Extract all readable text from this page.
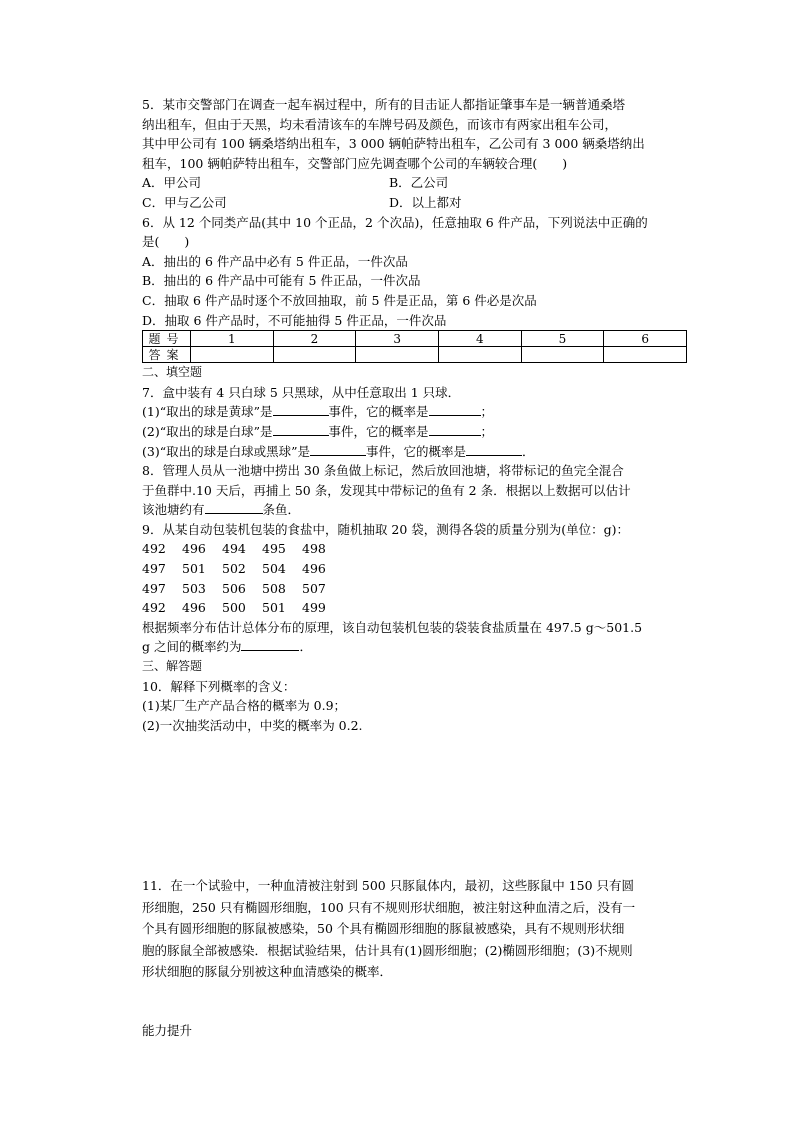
5．某市交警部门在调查一起车祸过程中，所有的目击证人都指证肇事车是一辆普通桑塔
纳出租车，但由于天黑，均未看清该车的车牌号码及颜色，而该市有两家出租车公司，
其中甲公司有 100 辆桑塔纳出租车，3 000 辆帕萨特出租车，乙公司有 3 000 辆桑塔纳出
租车，100 辆帕萨特出租车，交警部门应先调查哪个公司的车辆较合理(　　)
A．甲公司	B．乙公司
C．甲与乙公司	D．以上都对
6．从 12 个同类产品(其中 10 个正品，2 个次品)，任意抽取 6 件产品，下列说法中正确的
是(　　)
A．抽出的 6 件产品中必有 5 件正品，一件次品
B．抽出的 6 件产品中可能有 5 件正品，一件次品
C．抽取 6 件产品时逐个不放回抽取，前 5 件是正品，第 6 件必是次品
D．抽取 6 件产品时，不可能抽得 5 件正品，一件次品
题号	1	2	3	4	5	6
答案						
二、填空题
7．盒中装有 4 只白球 5 只黑球，从中任意取出 1 只球．
(1)“取出的球是黄球”是	事件，它的概率是	；
(2)“取出的球是白球”是	事件，它的概率是	；
(3)“取出的球是白球或黑球”是	事件，它的概率是	．
8．管理人员从一池塘中捞出 30 条鱼做上标记，然后放回池塘，将带标记的鱼完全混合
于鱼群中.10 天后，再捕上 50 条，发现其中带标记的鱼有 2 条．根据以上数据可以估计
该池塘约有	条鱼．
9．从某自动包装机包装的食盐中，随机抽取 20 袋，测得各袋的质量分别为(单位：g)：
492	496	494	495	498
497	501	502	504	496
497	503	506	508	507
492	496	500	501	499
根据频率分布估计总体分布的原理，该自动包装机包装的袋装食盐质量在 497.5 g～501.5
g 之间的概率约为	．
三、解答题
10．解释下列概率的含义：
(1)某厂生产产品合格的概率为 0.9；
(2)一次抽奖活动中，中奖的概率为 0.2.
11．在一个试验中，一种血清被注射到 500 只豚鼠体内，最初，这些豚鼠中 150 只有圆
形细胞，250 只有椭圆形细胞，100 只有不规则形状细胞，被注射这种血清之后，没有一
个具有圆形细胞的豚鼠被感染，50 个具有椭圆形细胞的豚鼠被感染，具有不规则形状细
胞的豚鼠全部被感染．根据试验结果，估计具有(1)圆形细胞；(2)椭圆形细胞；(3)不规则
形状细胞的豚鼠分别被这种血清感染的概率．
能力提升
